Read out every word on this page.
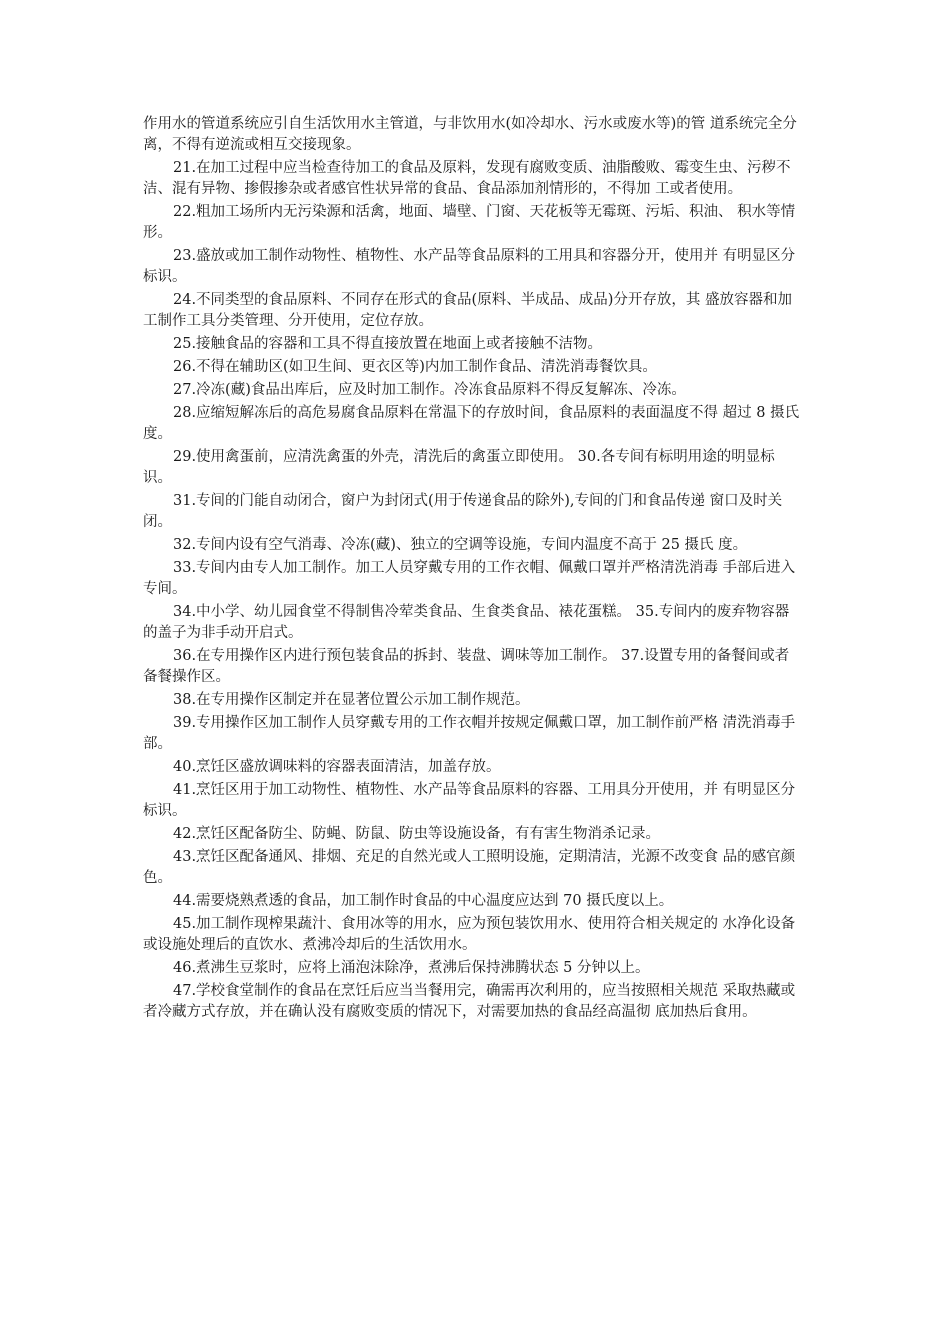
作用水的管道系统应引自生活饮用水主管道，与非饮用水(如冷却水、污水或废水等)的管 道系统完全分离，不得有逆流或相互交接现象。

21.在加工过程中应当检查待加工的食品及原料，发现有腐败变质、油脂酸败、霉变生虫、污秽不洁、混有异物、掺假掺杂或者感官性状异常的食品、食品添加剂情形的，不得加 工或者使用。

22.粗加工场所内无污染源和活禽，地面、墙壁、门窗、天花板等无霉斑、污垢、积油、 积水等情形。

23.盛放或加工制作动物性、植物性、水产品等食品原料的工用具和容器分开，使用并 有明显区分标识。

24.不同类型的食品原料、不同存在形式的食品(原料、半成品、成品)分开存放，其 盛放容器和加工制作工具分类管理、分开使用，定位存放。

25.接触食品的容器和工具不得直接放置在地面上或者接触不洁物。

26.不得在辅助区(如卫生间、更衣区等)内加工制作食品、清洗消毒餐饮具。

27.冷冻(藏)食品出库后，应及时加工制作。冷冻食品原料不得反复解冻、冷冻。

28.应缩短解冻后的高危易腐食品原料在常温下的存放时间，食品原料的表面温度不得 超过 8 摄氏度。

29.使用禽蛋前，应清洗禽蛋的外壳，清洗后的禽蛋立即使用。 30.各专间有标明用途的明显标识。

31.专间的门能自动闭合，窗户为封闭式(用于传递食品的除外),专间的门和食品传递 窗口及时关闭。

32.专间内设有空气消毒、冷冻(藏)、独立的空调等设施，专间内温度不高于 25 摄氏 度。

33.专间内由专人加工制作。加工人员穿戴专用的工作衣帽、佩戴口罩并严格清洗消毒 手部后进入专间。

34.中小学、幼儿园食堂不得制售冷荤类食品、生食类食品、裱花蛋糕。 35.专间内的废弃物容器的盖子为非手动开启式。

36.在专用操作区内进行预包装食品的拆封、装盘、调味等加工制作。 37.设置专用的备餐间或者备餐操作区。

38.在专用操作区制定并在显著位置公示加工制作规范。

39.专用操作区加工制作人员穿戴专用的工作衣帽并按规定佩戴口罩，加工制作前严格 清洗消毒手部。

40.烹饪区盛放调味料的容器表面清洁，加盖存放。

41.烹饪区用于加工动物性、植物性、水产品等食品原料的容器、工用具分开使用，并 有明显区分标识。

42.烹饪区配备防尘、防蝇、防鼠、防虫等设施设备，有有害生物消杀记录。

43.烹饪区配备通风、排烟、充足的自然光或人工照明设施，定期清洁，光源不改变食 品的感官颜色。

44.需要烧熟煮透的食品，加工制作时食品的中心温度应达到 70 摄氏度以上。

45.加工制作现榨果蔬汁、食用冰等的用水，应为预包装饮用水、使用符合相关规定的 水净化设备或设施处理后的直饮水、煮沸冷却后的生活饮用水。

46.煮沸生豆浆时，应将上涌泡沫除净，煮沸后保持沸腾状态 5 分钟以上。

47.学校食堂制作的食品在烹饪后应当当餐用完，确需再次利用的，应当按照相关规范 采取热藏或者冷藏方式存放，并在确认没有腐败变质的情况下，对需要加热的食品经高温彻 底加热后食用。
